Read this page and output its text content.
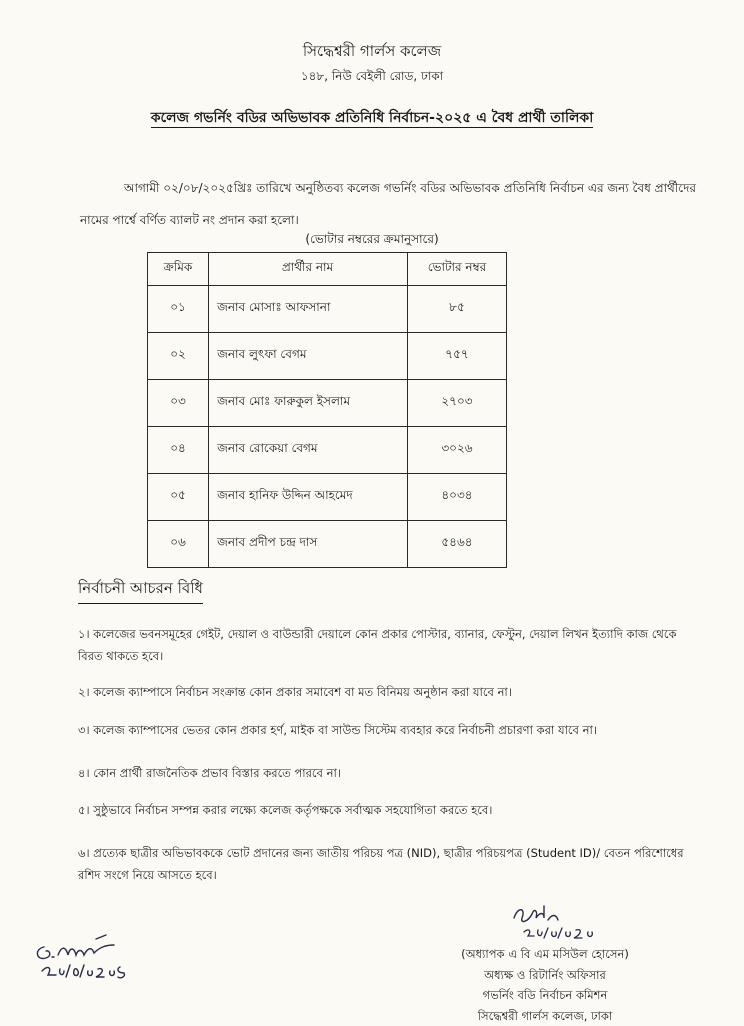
সিদ্ধেশ্বরী গার্লস কলেজ
১৪৮, নিউ বেইলী রোড, ঢাকা
কলেজ গভর্নিং বডির অভিভাবক প্রতিনিধি নির্বাচন-২০২৫ এ বৈধ প্রার্থী তালিকা
আগামী ০২/০৮/২০২৫খ্রিঃ তারিখে অনুষ্ঠিতব্য কলেজ গভর্নিং বডির অভিভাবক প্রতিনিধি নির্বাচন এর জন্য বৈধ প্রার্থীদের নামের পার্শ্বে বর্ণিত ব্যালট নং প্রদান করা হলো।
(ভোটার নম্বরের ক্রমানুসারে)
ক্রমিক	প্রার্থীর নাম	ভোটার নম্বর
০১	জনাব মোসাঃ আফসানা	৮৫
০২	জনাব লুৎফা বেগম	৭৫৭
০৩	জনাব মোঃ ফারুকুল ইসলাম	২৭০৩
০৪	জনাব রোকেয়া বেগম	৩০২৬
০৫	জনাব হানিফ উদ্দিন আহমেদ	৪০৩৪
০৬	জনাব প্রদীপ চন্দ্র দাস	৫৪৬৪
নির্বাচনী আচরন বিধি
১। কলেজের ভবনসমূহের গেইট, দেয়াল ও বাউন্ডারী দেয়ালে কোন প্রকার পোস্টার, ব্যানার, ফেস্টুন, দেয়াল লিখন ইত্যাদি কাজ থেকে বিরত থাকতে হবে।
২। কলেজ ক্যাম্পাসে নির্বাচন সংক্রান্ত কোন প্রকার সমাবেশ বা মত বিনিময় অনুষ্ঠান করা যাবে না।
৩। কলেজ ক্যাম্পাসের ভেতর কোন প্রকার হর্ণ, মাইক বা সাউন্ড সিস্টেম ব্যবহার করে নির্বাচনী প্রচারণা করা যাবে না।
৪। কোন প্রার্থী রাজনৈতিক প্রভাব বিস্তার করতে পারবে না।
৫। সুষ্ঠুভাবে নির্বাচন সম্পন্ন করার লক্ষ্যে কলেজ কর্তৃপক্ষকে সর্বাত্মক সহযোগিতা করতে হবে।
৬। প্রত্যেক ছাত্রীর অভিভাবককে ভোট প্রদানের জন্য জাতীয় পরিচয় পত্র (NID), ছাত্রীর পরিচয়পত্র (Student ID)/ বেতন পরিশোধের রশিদ সংগে নিয়ে আসতে হবে।
(অধ্যাপক এ বি এম মসিউল হোসেন)
অধ্যক্ষ ও রিটার্নিং অফিসার
গভর্নিং বডি নির্বাচন কমিশন
সিদ্ধেশ্বরী গার্লস কলেজ, ঢাকা
